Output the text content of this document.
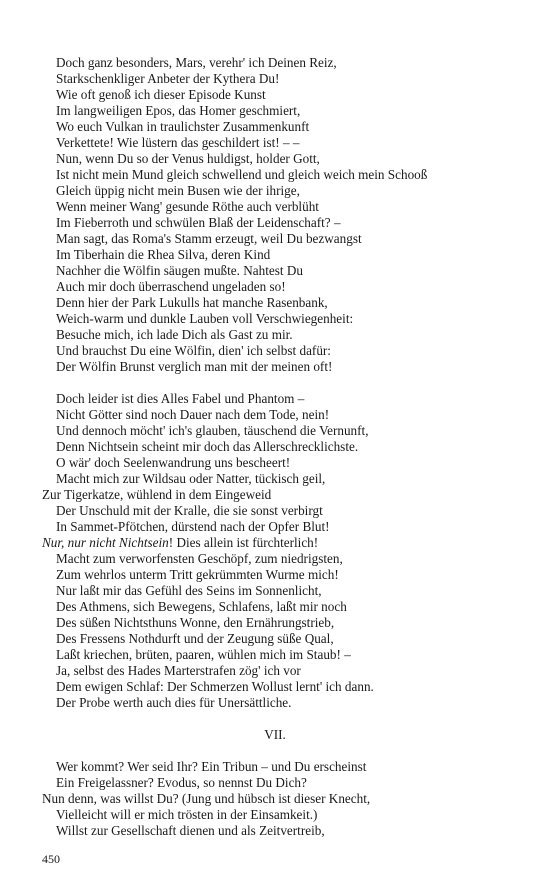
Doch ganz besonders, Mars, verehr' ich Deinen Reiz,
Starkschenkliger Anbeter der Kythera Du!
Wie oft genoß ich dieser Episode Kunst
Im langweiligen Epos, das Homer geschmiert,
Wo euch Vulkan in traulichster Zusammenkunft
Verkettete! Wie lüstern das geschildert ist! – –
Nun, wenn Du so der Venus huldigst, holder Gott,
Ist nicht mein Mund gleich schwellend und gleich weich mein Schooß
Gleich üppig nicht mein Busen wie der ihrige,
Wenn meiner Wang' gesunde Röthe auch verblüht
Im Fieberroth und schwülen Blaß der Leidenschaft? –
Man sagt, das Roma's Stamm erzeugt, weil Du bezwangst
Im Tiberhain die Rhea Silva, deren Kind
Nachher die Wölfin säugen mußte. Nahtest Du
Auch mir doch überraschend ungeladen so!
Denn hier der Park Lukulls hat manche Rasenbank,
Weich-warm und dunkle Lauben voll Verschwiegenheit:
Besuche mich, ich lade Dich als Gast zu mir.
Und brauchst Du eine Wölfin, dien' ich selbst dafür:
Der Wölfin Brunst verglich man mit der meinen oft!
Doch leider ist dies Alles Fabel und Phantom –
Nicht Götter sind noch Dauer nach dem Tode, nein!
Und dennoch möcht' ich's glauben, täuschend die Vernunft,
Denn Nichtsein scheint mir doch das Allerschrecklichste.
O wär' doch Seelenwandrung uns bescheert!
Macht mich zur Wildsau oder Natter, tückisch geil,
Zur Tigerkatze, wühlend in dem Eingeweid
Der Unschuld mit der Kralle, die sie sonst verbirgt
In Sammet-Pfötchen, dürstend nach der Opfer Blut!
Nur, nur nicht Nichtsein! Dies allein ist fürchterlich!
Macht zum verworfensten Geschöpf, zum niedrigsten,
Zum wehrlos unterm Tritt gekrümmten Wurme mich!
Nur laßt mir das Gefühl des Seins im Sonnenlicht,
Des Athmens, sich Bewegens, Schlafens, laßt mir noch
Des süßen Nichtsthuns Wonne, den Ernährungstrieb,
Des Fressens Nothdurft und der Zeugung süße Qual,
Laßt kriechen, brüten, paaren, wühlen mich im Staub! –
Ja, selbst des Hades Marterstrafen zög' ich vor
Dem ewigen Schlaf: Der Schmerzen Wollust lernt' ich dann.
Der Probe werth auch dies für Unersättliche.
VII.
Wer kommt? Wer seid Ihr? Ein Tribun – und Du erscheinst
Ein Freigelassner? Evodus, so nennst Du Dich?
Nun denn, was willst Du? (Jung und hübsch ist dieser Knecht,
Vielleicht will er mich trösten in der Einsamkeit.)
Willst zur Gesellschaft dienen und als Zeitvertreib,
450
